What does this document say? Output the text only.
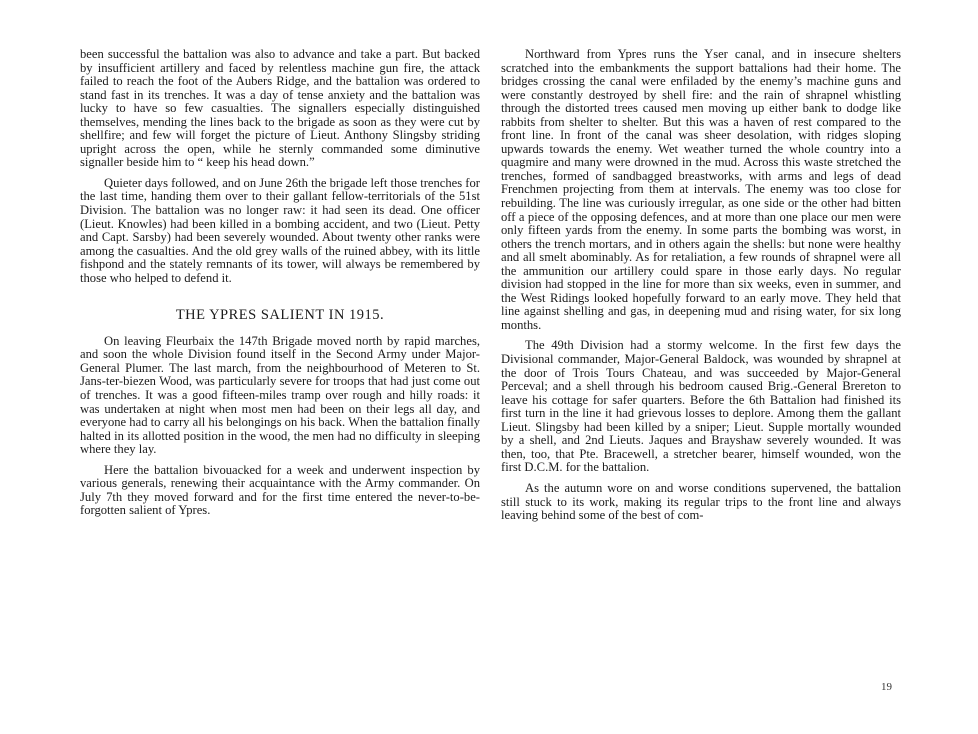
been successful the battalion was also to advance and take a part. But backed by insufficient artillery and faced by relentless machine gun fire, the attack failed to reach the foot of the Aubers Ridge, and the battalion was ordered to stand fast in its trenches. It was a day of tense anxiety and the battalion was lucky to have so few casualties. The signallers especially distinguished themselves, mending the lines back to the brigade as soon as they were cut by shellfire; and few will forget the picture of Lieut. Anthony Slingsby striding upright across the open, while he sternly commanded some diminutive signaller beside him to “ keep his head down.”

Quieter days followed, and on June 26th the brigade left those trenches for the last time, handing them over to their gallant fellow-territorials of the 51st Division. The battalion was no longer raw: it had seen its dead. One officer (Lieut. Knowles) had been killed in a bombing accident, and two (Lieut. Petty and Capt. Sarsby) had been severely wounded. About twenty other ranks were among the casualties. And the old grey walls of the ruined abbey, with its little fishpond and the stately remnants of its tower, will always be remembered by those who helped to defend it.

THE YPRES SALIENT IN 1915.

On leaving Fleurbaix the 147th Brigade moved north by rapid marches, and soon the whole Division found itself in the Second Army under Major-General Plumer. The last march, from the neighbourhood of Meteren to St. Jans-ter-biezen Wood, was particularly severe for troops that had just come out of trenches. It was a good fifteen-miles tramp over rough and hilly roads: it was undertaken at night when most men had been on their legs all day, and everyone had to carry all his belongings on his back. When the battalion finally halted in its allotted position in the wood, the men had no difficulty in sleeping where they lay.

Here the battalion bivouacked for a week and underwent inspection by various generals, renewing their acquaintance with the Army commander. On July 7th they moved forward and for the first time entered the never-to-be-forgotten salient of Ypres.

Northward from Ypres runs the Yser canal, and in insecure shelters scratched into the embankments the support battalions had their home. The bridges crossing the canal were enfiladed by the enemy’s machine guns and were constantly destroyed by shell fire: and the rain of shrapnel whistling through the distorted trees caused men moving up either bank to dodge like rabbits from shelter to shelter. But this was a haven of rest compared to the front line. In front of the canal was sheer desolation, with ridges sloping upwards towards the enemy. Wet weather turned the whole country into a quagmire and many were drowned in the mud. Across this waste stretched the trenches, formed of sandbagged breastworks, with arms and legs of dead Frenchmen projecting from them at intervals. The enemy was too close for rebuilding. The line was curiously irregular, as one side or the other had bitten off a piece of the opposing defences, and at more than one place our men were only fifteen yards from the enemy. In some parts the bombing was worst, in others the trench mortars, and in others again the shells: but none were healthy and all smelt abominably. As for retaliation, a few rounds of shrapnel were all the ammunition our artillery could spare in those early days. No regular division had stopped in the line for more than six weeks, even in summer, and the West Ridings looked hopefully forward to an early move. They held that line against shelling and gas, in deepening mud and rising water, for six long months.

The 49th Division had a stormy welcome. In the first few days the Divisional commander, Major-General Baldock, was wounded by shrapnel at the door of Trois Tours Chateau, and was succeeded by Major-General Perceval; and a shell through his bedroom caused Brig.-General Brereton to leave his cottage for safer quarters. Before the 6th Battalion had finished its first turn in the line it had grievous losses to deplore. Among them the gallant Lieut. Slingsby had been killed by a sniper; Lieut. Supple mortally wounded by a shell, and 2nd Lieuts. Jaques and Brayshaw severely wounded. It was then, too, that Pte. Bracewell, a stretcher bearer, himself wounded, won the first D.C.M. for the battalion.

As the autumn wore on and worse conditions supervened, the battalion still stuck to its work, making its regular trips to the front line and always leaving behind some of the best of com-

19
